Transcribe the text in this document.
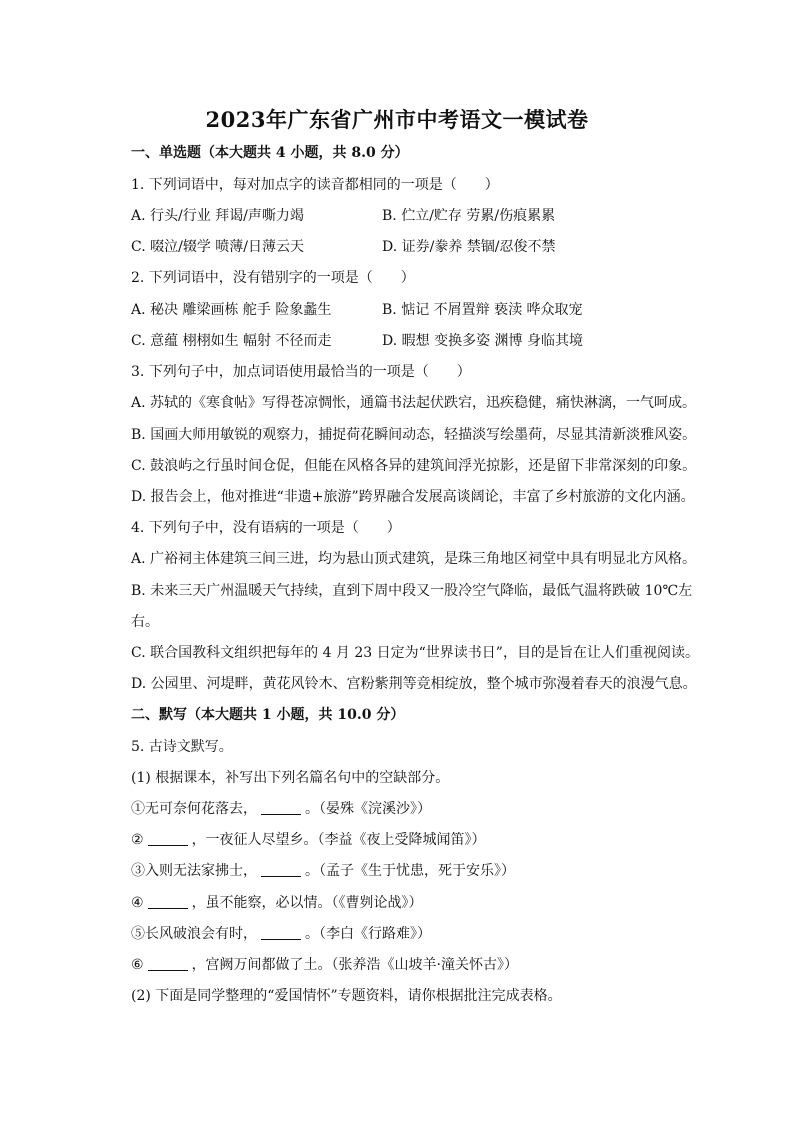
2023年广东省广州市中考语文一模试卷
一、单选题（本大题共 4 小题，共 8.0 分）
1. 下列词语中，每对加点字的读音都相同的一项是（　　）
A. 行头/行业 拜谒/声嘶力竭	B. 伫立/贮存 劳累/伤痕累累
C. 啜泣/辍学 喷薄/日薄云天	D. 证券/豢养 禁锢/忍俊不禁
2. 下列词语中，没有错别字的一项是（　　）
A. 秘决 雕梁画栋 舵手 险象蠡生	B. 惦记 不屑置辩 亵渎 哗众取宠
C. 意蕴 栩栩如生 幅射 不径而走	D. 暇想 变换多姿 渊博 身临其境
3. 下列句子中，加点词语使用最恰当的一项是（　　）
A. 苏轼的《寒食帖》写得苍凉惆怅，通篇书法起伏跌宕，迅疾稳健，痛快淋漓，一气呵成。
B. 国画大师用敏锐的观察力，捕捉荷花瞬间动态，轻描淡写绘墨荷，尽显其清新淡雅风姿。
C. 鼓浪屿之行虽时间仓促，但能在风格各异的建筑间浮光掠影，还是留下非常深刻的印象。
D. 报告会上，他对推进“非遗+旅游”跨界融合发展高谈阔论，丰富了乡村旅游的文化内涵。
4. 下列句子中，没有语病的一项是（　　）
A. 广裕祠主体建筑三间三进，均为悬山顶式建筑，是珠三角地区祠堂中具有明显北方风格。
B. 未来三天广州温暖天气持续，直到下周中段又一股冷空气降临，最低气温将跌破 10℃左
右。
C. 联合国教科文组织把每年的 4 月 23 日定为“世界读书日”，目的是旨在让人们重视阅读。
D. 公园里、河堤畔，黄花风铃木、宫粉紫荆等竞相绽放，整个城市弥漫着春天的浪漫气息。
二、默写（本大题共 1 小题，共 10.0 分）
5. 古诗文默写。
(1) 根据课本，补写出下列名篇名句中的空缺部分。
①无可奈何花落去，	。（晏殊《浣溪沙》）
②	，一夜征人尽望乡。（李益《夜上受降城闻笛》）
③入则无法家拂士，	。（孟子《生于忧患，死于安乐》）
④	，虽不能察，必以情。（《曹刿论战》）
⑤长风破浪会有时，	。（李白《行路难》）
⑥	，宫阙万间都做了土。（张养浩《山坡羊·潼关怀古》）
(2) 下面是同学整理的“爱国情怀”专题资料，请你根据批注完成表格。
